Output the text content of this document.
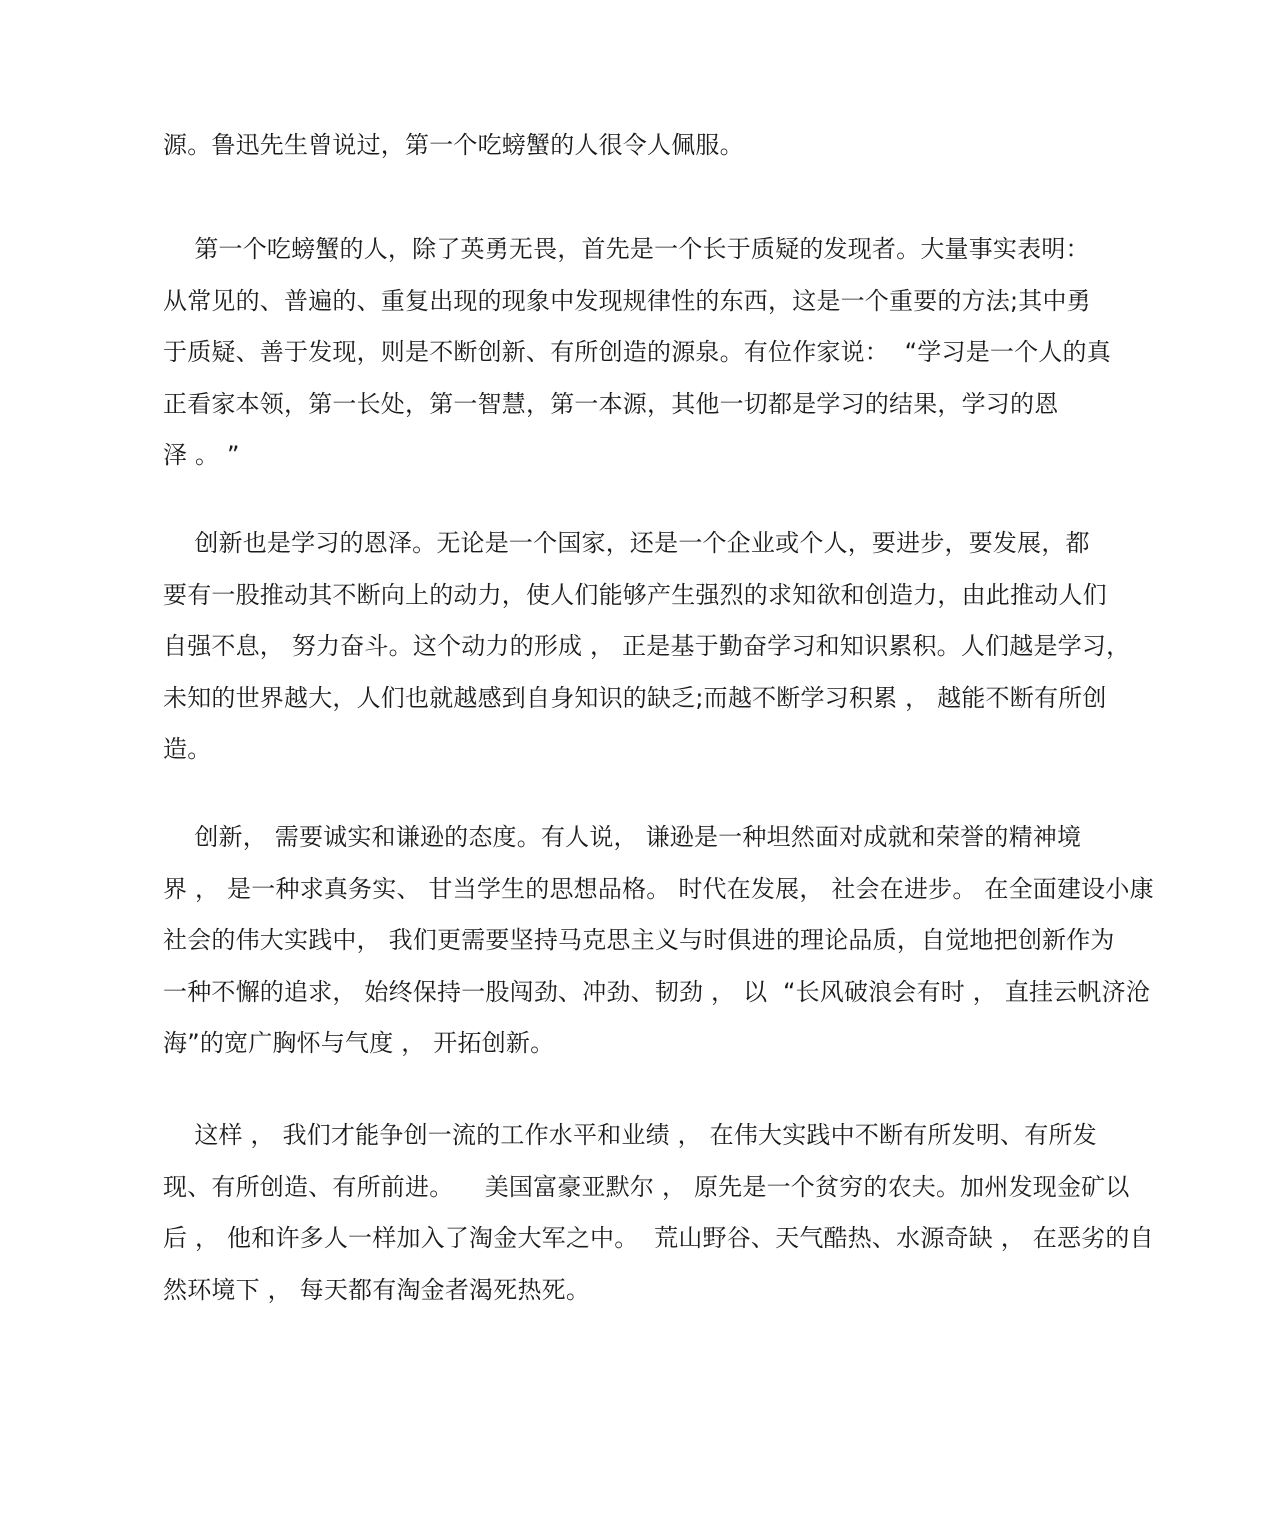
源。鲁迅先生曾说过，第一个吃螃蟹的人很令人佩服。

第一个吃螃蟹的人，除了英勇无畏，首先是一个长于质疑的发现者。大量事实表明：
从常见的、普遍的、重复出现的现象中发现规律性的东西，这是一个重要的方法;其中勇
于质疑、善于发现，则是不断创新、有所创造的源泉。有位作家说：  “学习是一个人的真
正看家本领，第一长处，第一智慧，第一本源，其他一切都是学习的结果，学习的恩
泽 。 ”

创新也是学习的恩泽。无论是一个国家，还是一个企业或个人，要进步，要发展，都
要有一股推动其不断向上的动力，使人们能够产生强烈的求知欲和创造力，由此推动人们
自强不息， 努力奋斗。这个动力的形成 ， 正是基于勤奋学习和知识累积。人们越是学习，
未知的世界越大，人们也就越感到自身知识的缺乏;而越不断学习积累 ， 越能不断有所创
造。

创新， 需要诚实和谦逊的态度。有人说， 谦逊是一种坦然面对成就和荣誉的精神境
界 ， 是一种求真务实、 甘当学生的思想品格。 时代在发展， 社会在进步。 在全面建设小康
社会的伟大实践中， 我们更需要坚持马克思主义与时俱进的理论品质，自觉地把创新作为
一种不懈的追求， 始终保持一股闯劲、冲劲、韧劲 ， 以  “长风破浪会有时 ， 直挂云帆济沧
海”的宽广胸怀与气度 ， 开拓创新。

这样 ， 我们才能争创一流的工作水平和业绩 ， 在伟大实践中不断有所发明、有所发
现、有所创造、有所前进。    美国富豪亚默尔 ， 原先是一个贫穷的农夫。加州发现金矿以
后 ， 他和许多人一样加入了淘金大军之中。  荒山野谷、天气酷热、水源奇缺 ， 在恶劣的自
然环境下 ， 每天都有淘金者渴死热死。
